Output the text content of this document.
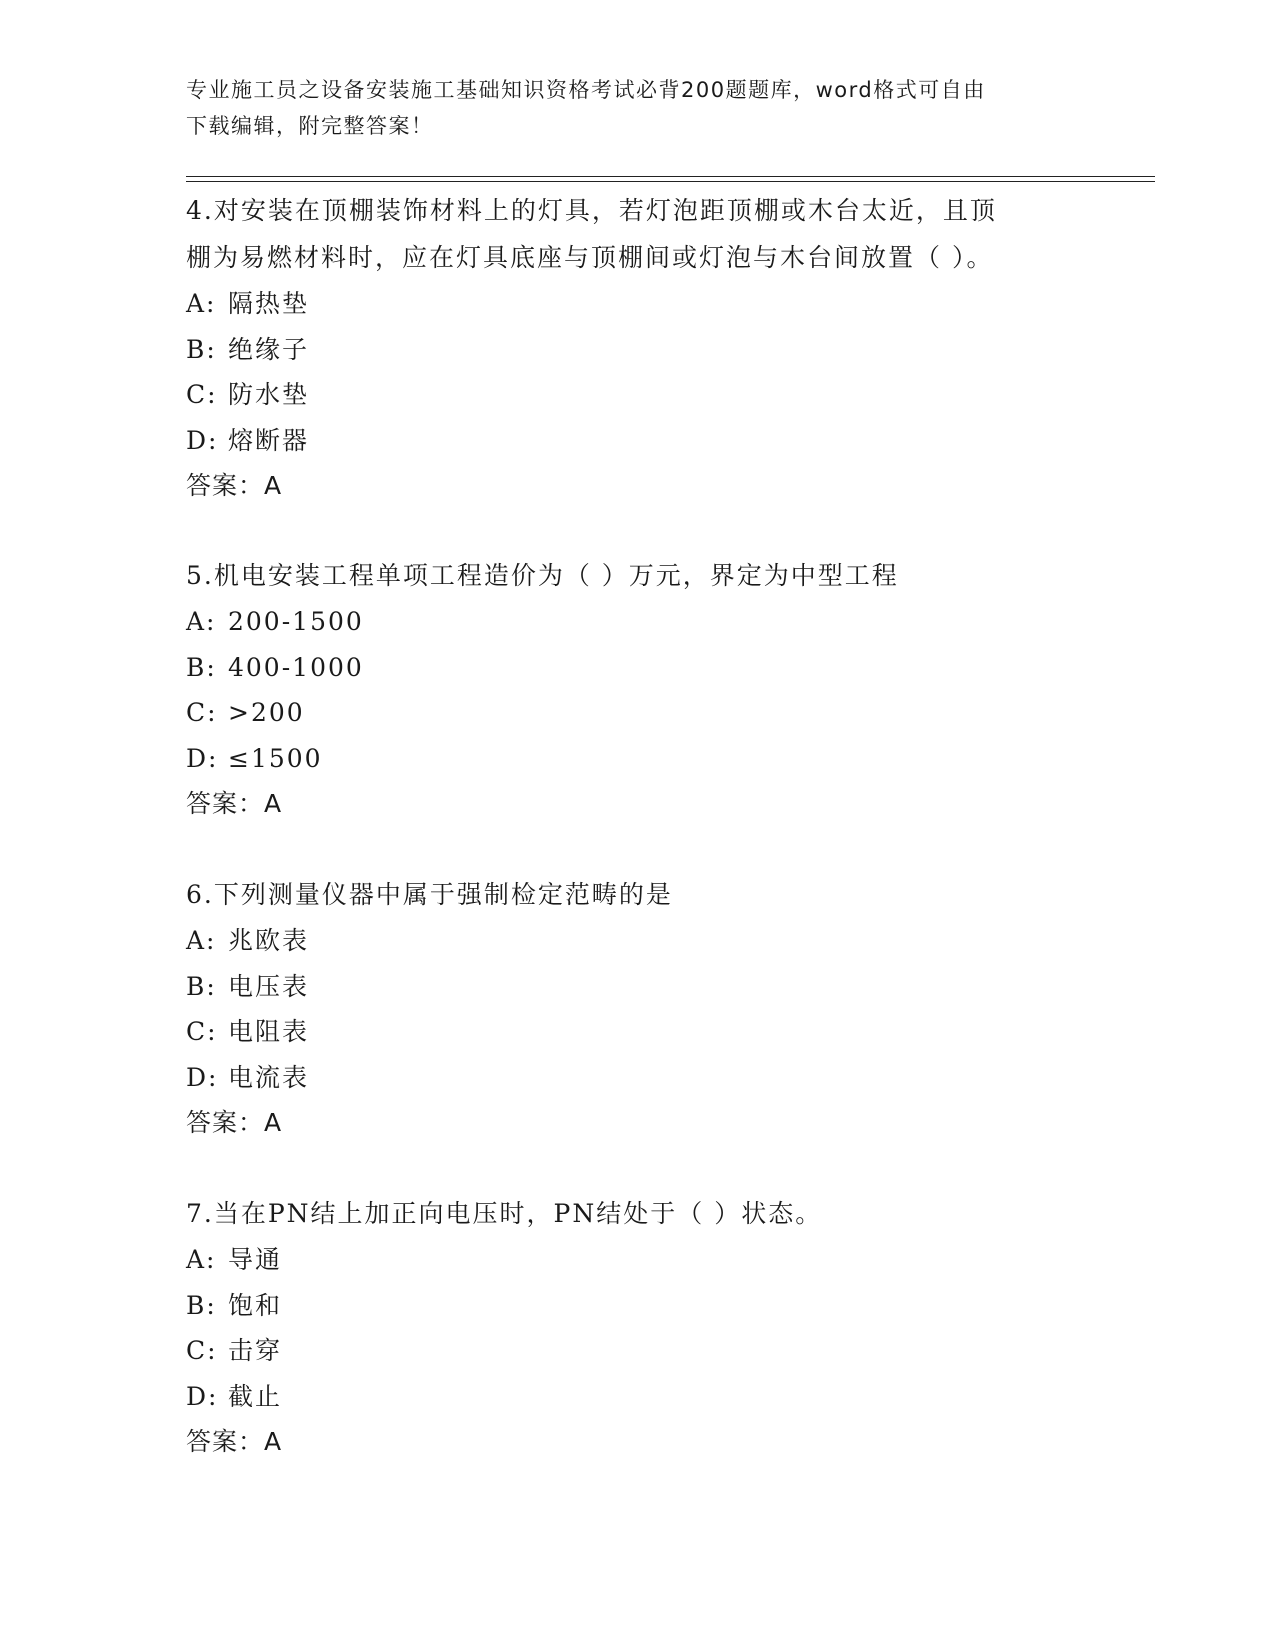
专业施工员之设备安装施工基础知识资格考试必背200题题库，word格式可自由
下载编辑，附完整答案！
4.对安装在顶棚装饰材料上的灯具，若灯泡距顶棚或木台太近，且顶
棚为易燃材料时，应在灯具底座与顶棚间或灯泡与木台间放置（ ）。
A: 隔热垫
B: 绝缘子
C: 防水垫
D: 熔断器
答案：A
5.机电安装工程单项工程造价为（ ）万元，界定为中型工程
A: 200-1500
B: 400-1000
C: >200
D: ≤1500
答案：A
6.下列测量仪器中属于强制检定范畴的是
A: 兆欧表
B: 电压表
C: 电阻表
D: 电流表
答案：A
7.当在PN结上加正向电压时，PN结处于（ ）状态。
A: 导通
B: 饱和
C: 击穿
D: 截止
答案：A
